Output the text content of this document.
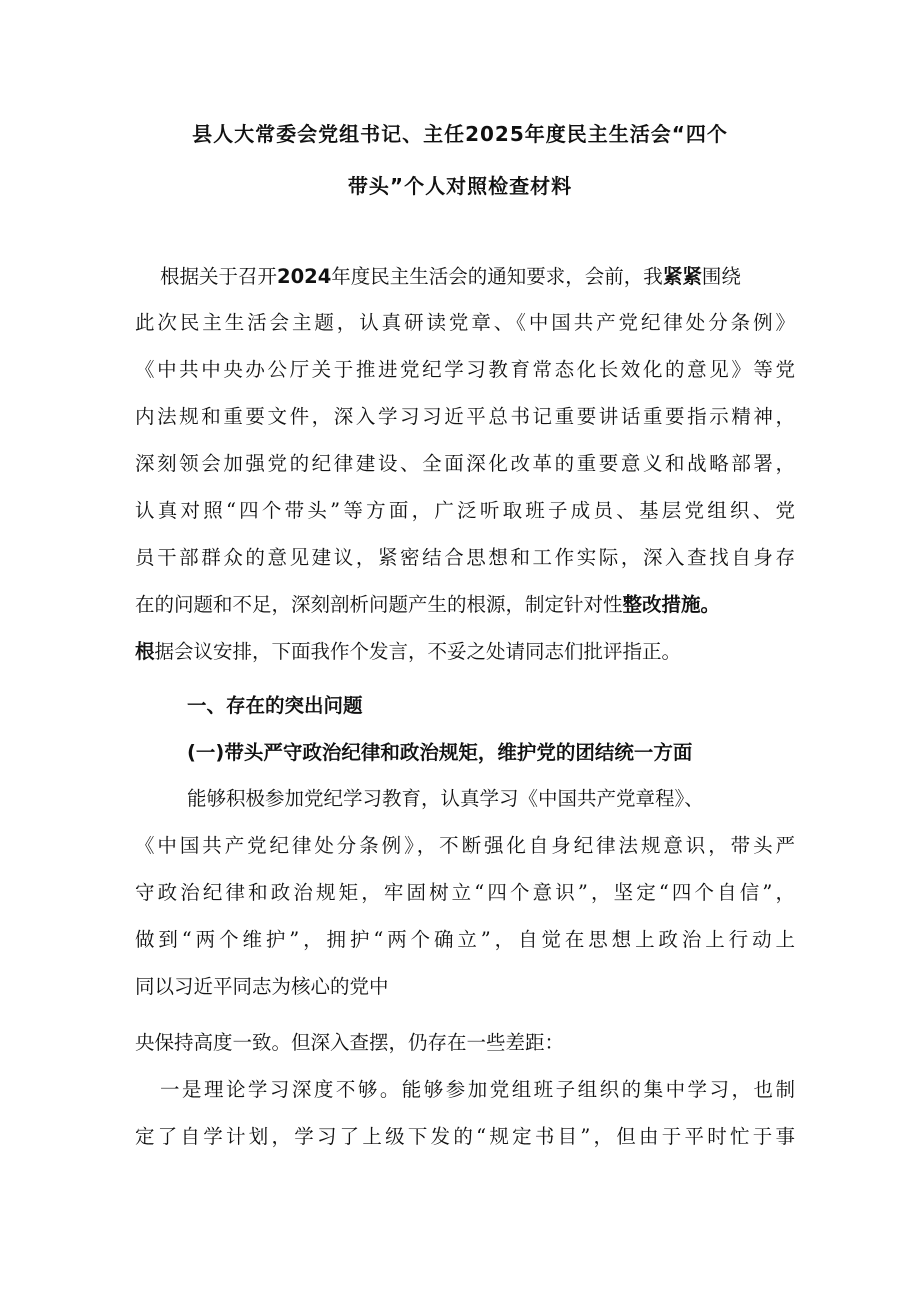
县人大常委会党组书记、主任2025年度民主生活会“四个
带头”个人对照检查材料

根据关于召开2024年度民主生活会的通知要求，会前，我紧紧围绕

此次民主生活会主题，认真研读党章、《中国共产党纪律处分条例》

《中共中央办公厅关于推进党纪学习教育常态化长效化的意见》等党

内法规和重要文件，深入学习习近平总书记重要讲话重要指示精神，

深刻领会加强党的纪律建设、全面深化改革的重要意义和战略部署，

认真对照“四个带头”等方面，广泛听取班子成员、基层党组织、党

员干部群众的意见建议，紧密结合思想和工作实际，深入查找自身存

在的问题和不足，深刻剖析问题产生的根源，制定针对性整改措施。

根据会议安排，下面我作个发言，不妥之处请同志们批评指正。

一、存在的突出问题
(一)带头严守政治纪律和政治规矩，维护党的团结统一方面

能够积极参加党纪学习教育，认真学习《中国共产党章程》、

《中国共产党纪律处分条例》，不断强化自身纪律法规意识，带头严

守政治纪律和政治规矩，牢固树立“四个意识”，坚定“四个自信”，

做到“两个维护”，拥护“两个确立”，自觉在思想上政治上行动上

同以习近平同志为核心的党中

央保持高度一致。但深入查摆，仍存在一些差距：

一是理论学习深度不够。能够参加党组班子组织的集中学习，也制

定了自学计划，学习了上级下发的“规定书目”，但由于平时忙于事
